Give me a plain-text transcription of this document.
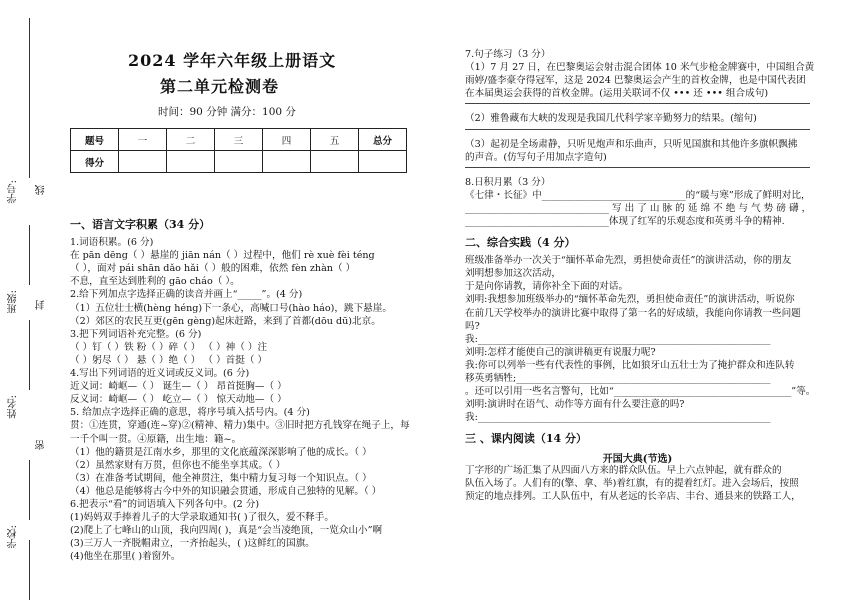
学号: 线
班级: 封
姓名:
密
学校:
2024 学年六年级上册语文
第二单元检测卷
时间：90 分钟 满分：100 分
题号	一	二	三	四	五	总分
得分						
一、语言文字积累（34 分）
1.词语积累。(6 分)
在 pān dēng（ ）悬崖的 jiān nán（ ）过程中，他们 rè xuè fèi téng
（ ），面对 pái shān dǎo hǎi（ ）般的困难，依然 fèn zhàn（ ）
不息，直至达到胜利的 gāo cháo（ ）。
2.给下列加点字选择正确的读音并画上“_____”。(4 分)
（1）五位壮士横(hèng héng)下一条心，高喊口号(hào háo)，跳下悬崖。
（2）郊区的农民互更(gēn gèng)起床赶路，来到了首都(dōu dū)北京。
3.把下列词语补充完整。(6 分)
（ ）钉（ ）铁 粉（ ）碎（ ） （ ）神（ ）注
（ ）躬尽（ ） 悬（ ）绝（ ） （ ）首挺（ ）
4.写出下列词语的近义词或反义词。(6 分)
近义词：崎岖—（ ） 诞生—（ ） 昂首挺胸—（ ）
反义词：崎岖—（ ） 屹立—（ ） 惊天动地—（ ）
5. 给加点字选择正确的意思，将序号填入括号内。(4 分)
贯：①连贯，穿通(连~穿)②(精神、精力)集中。③旧时把方孔钱穿在绳子上，每
一千个叫一贯。④原籍，出生地：籍~。
（1）他的籍贯是江南水乡，那里的文化底蕴深深影响了他的成长。（ ）
（2）虽然家财有万贯，但你也不能坐享其成。（ ）
（3）在准备考试期间，他全神贯注，集中精力复习每一个知识点。（ ）
（4）他总是能够将古今中外的知识融会贯通，形成自己独特的见解。（ ）
6.把表示“看”的词语填入下列各句中。(2 分)
(1)妈妈双手捧着儿子的大学录取通知书( )了很久，爱不释手。
(2)爬上了七峰山的山顶，我向四周( )，真是“会当凌绝顶，一览众山小”啊
(3)三万人一齐脱帽肃立，一齐抬起头，( )这鲜红的国旗。
(4)他坐在那里( )着窗外。
7.句子练习（3 分）
（1）7 月 27 日，在巴黎奥运会射击混合团体 10 米气步枪金牌赛中，中国组合黄
雨婷/盛李豪夺得冠军，这是 2024 巴黎奥运会产生的首枚金牌，也是中国代表团
在本届奥运会获得的首枚金牌。(运用关联词不仅 ••• 还 ••• 组合成句)
（2）雅鲁藏布大峡的发现是我国几代科学家辛勤努力的结果。(缩句)
（3）起初是全场肃静，只听见炮声和乐曲声，只听见国旗和其他许多旗帜飘拂
的声音。(仿写句子用加点字造句)
8.日积月累（3 分）
《七律・长征》中______________________________的“暖与寒”形成了鲜明对比，
______________________________ 写 出 了 山 脉 的 延 绵 不 绝 与 气 势 磅 礴 ，
______________________________体现了红军的乐观态度和英勇斗争的精神.
二、综合实践（4 分）
班级准备举办一次关于“缅怀革命先烈，勇担使命责任”的演讲活动，你的朋友
刘明想参加这次活动，
于是向你请教，请你补全下面的对话。
刘明:我想参加班级举办的“缅怀革命先烈，勇担使命责任”的演讲活动，听说你
在前几天学校举办的演讲比赛中取得了第一名的好成绩，我能向你请教一些问题
吗?
我:_____________________________________________________________
刘明:怎样才能使自己的演讲稿更有说服力呢?
我:你可以列举一些有代表性的事例，比如狼牙山五壮士为了掩护群众和连队转
移英勇牺牲;_____________________________________________________
。还可以引用一些名言警句，比如“_____________________________________”等。
刘明:演讲时在语气、动作等方面有什么要注意的吗?
我:_____________________________________________________________
三 、课内阅读（14 分）
开国大典(节选)
丁字形的广场汇集了从四面八方来的群众队伍。早上六点钟起，就有群众的
队伍入场了。人们有的(擎、拿、举)着红旗，有的提着红灯。进入会场后，按照
预定的地点排列。工人队伍中，有从老远的长辛店、丰台、通县来的铁路工人，
